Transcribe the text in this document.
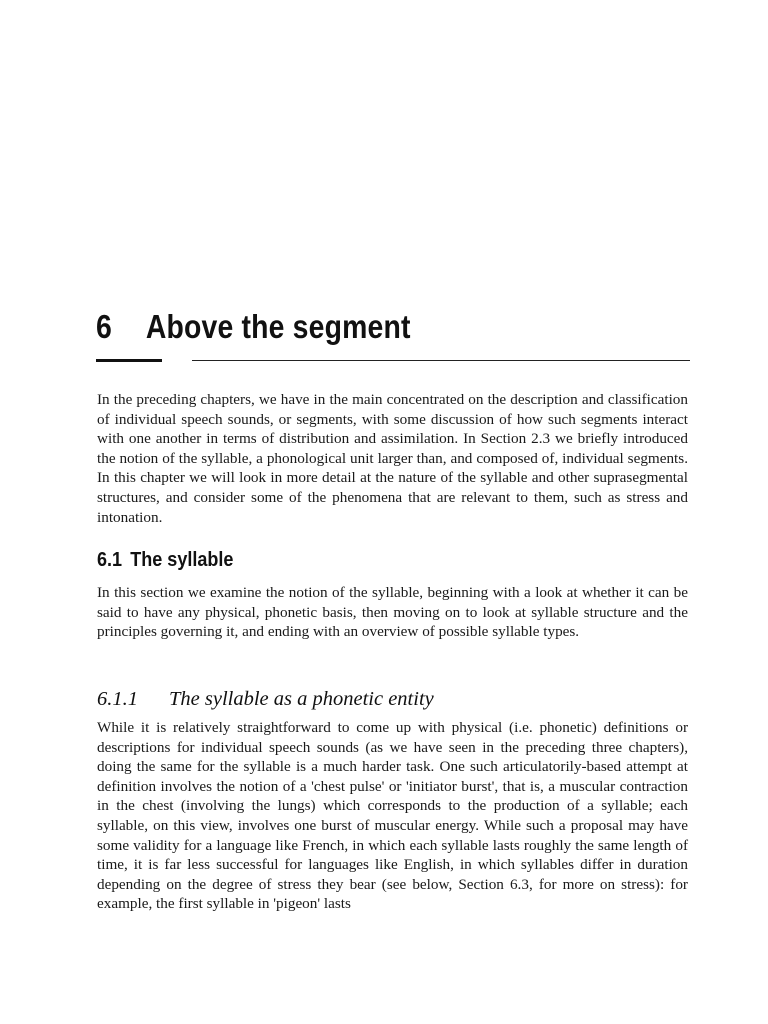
6 Above the segment

In the preceding chapters, we have in the main concentrated on the description and classification of individual speech sounds, or segments, with some discussion of how such segments interact with one another in terms of distribution and assimilation. In Section 2.3 we briefly introduced the notion of the syllable, a phonological unit larger than, and composed of, individual segments. In this chapter we will look in more detail at the nature of the syllable and other suprasegmental structures, and consider some of the phenomena that are relevant to them, such as stress and intonation.

6.1 The syllable

In this section we examine the notion of the syllable, beginning with a look at whether it can be said to have any physical, phonetic basis, then moving on to look at syllable structure and the principles governing it, and ending with an overview of possible syllable types.

6.1.1 The syllable as a phonetic entity

While it is relatively straightforward to come up with physical (i.e. phonetic) definitions or descriptions for individual speech sounds (as we have seen in the preceding three chapters), doing the same for the syllable is a much harder task. One such articulatorily-based attempt at definition involves the notion of a 'chest pulse' or 'initiator burst', that is, a muscular contraction in the chest (involving the lungs) which corresponds to the production of a syllable; each syllable, on this view, involves one burst of muscular energy. While such a proposal may have some validity for a language like French, in which each syllable lasts roughly the same length of time, it is far less successful for languages like English, in which syllables differ in duration depending on the degree of stress they bear (see below, Section 6.3, for more on stress): for example, the first syllable in 'pigeon' lasts
